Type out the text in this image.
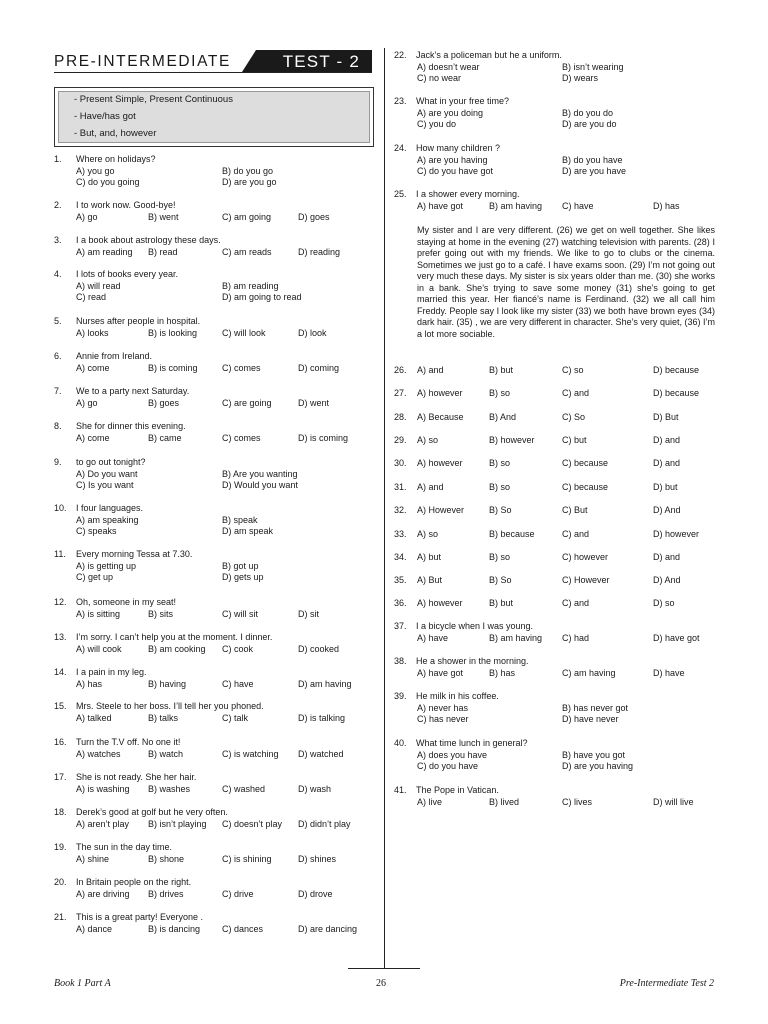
PRE-INTERMEDIATE	TEST - 2
- Present Simple, Present Continuous
- Have/has got
- But, and, however
1. Where on holidays?
A) you go	B) do you go
C) do you going	D) are you go
2. I to work now. Good-bye!
A) go	B) went	C) am going	D) goes
3. I a book about astrology these days.
A) am reading B) read	C) am reads	D) reading
4. I lots of books every year.
A) will read	B) am reading
C) read	D) am going to read
5. Nurses after people in hospital.
A) looks	B) is looking	C) will look	D) look
6. Annie from Ireland.
A) come	B) is coming	C) comes	D) coming
7. We to a party next Saturday.
A) go	B) goes	C) are going	D) went
8. She for dinner this evening.
A) come	B) came	C) comes	D) is coming
9. to go out tonight?
A) Do you want	B) Are you wanting
C) Is you want	D) Would you want
10. I four languages.
A) am speaking	B) speak
C) speaks	D) am speak
11. Every morning Tessa at 7.30.
A) is getting up	B) got up
C) get up	D) gets up
12. Oh, someone in my seat!
A) is sitting	B) sits	C) will sit	D) sit
13. I’m sorry. I can’t help you at the moment. I dinner.
A) will cook	B) am cooking C) cook	D) cooked
14. I a pain in my leg.
A) has	B) having	C) have	D) am having
15. Mrs. Steele to her boss. I’ll tell her you phoned.
A) talked	B) talks	C) talk	D) is talking
16. Turn the T.V off. No one it!
A) watches	B) watch	C) is watching D) watched
17. She is not ready. She her hair.
A) is washing B) washes	C) washed	D) wash
18. Derek’s good at golf but he very often.
A) aren’t play B) isn’t playing C) doesn’t play D) didn’t play
19. The sun in the day time.
A) shine	B) shone	C) is shining	D) shines
20. In Britain people on the right.
A) are driving B) drives	C) drive	D) drove
21. This is a great party! Everyone .
A) dance	B) is dancing C) dances	D) are dancing
22. Jack’s a policeman but he a uniform.
A) doesn’t wear	B) isn’t wearing
C) no wear	D) wears
23. What in your free time?
A) are you doing	B) do you do
C) you do	D) are you do
24. How many children ?
A) are you having	B) do you have
C) do you have got	D) are you have
25. I a shower every morning.
A) have got	B) am having C) have	D) has
26. A) and	B) but	C) so	D) because
27. A) however	B) so	C) and	D) because
28. A) Because	B) And	C) So	D) But
29. A) so	B) however	C) but	D) and
30. A) however	B) so	C) because	D) and
31. A) and	B) so	C) because	D) but
32. A) However	B) So	C) But	D) And
33. A) so	B) because	C) and	D) however
34. A) but	B) so	C) however	D) and
35. A) But	B) So	C) However	D) And
36. A) however	B) but	C) and	D) so
37. I a bicycle when I was young.
A) have	B) am having C) had	D) have got
38. He a shower in the morning.
A) have got	B) has	C) am having	D) have
39. He milk in his coffee.
A) never has	B) has never got
C) has never	D) have never
40. What time lunch in general?
A) does you have	B) have you got
C) do you have	D) are you having
41. The Pope in Vatican.
A) live	B) lived	C) lives	D) will live
My sister and I are very different. (26) we get on well together. She likes staying at home in the evening (27) watching television with parents. (28) I prefer going out with my friends. We like to go to clubs or the cinema. Sometimes we just go to a café. I have exams soon. (29) I’m not going out very much these days. My sister is six years older than me. (30) she works in a bank. She’s trying to save some money (31) she’s going to get married this year. Her fiancé’s name is Ferdinand. (32) we all call him Freddy. People say I look like my sister (33) we both have brown eyes (34) dark hair. (35) , we are very different in character. She’s very quiet, (36) I’m a lot more sociable.
Book 1 Part A	26	Pre-Intermediate Test 2
